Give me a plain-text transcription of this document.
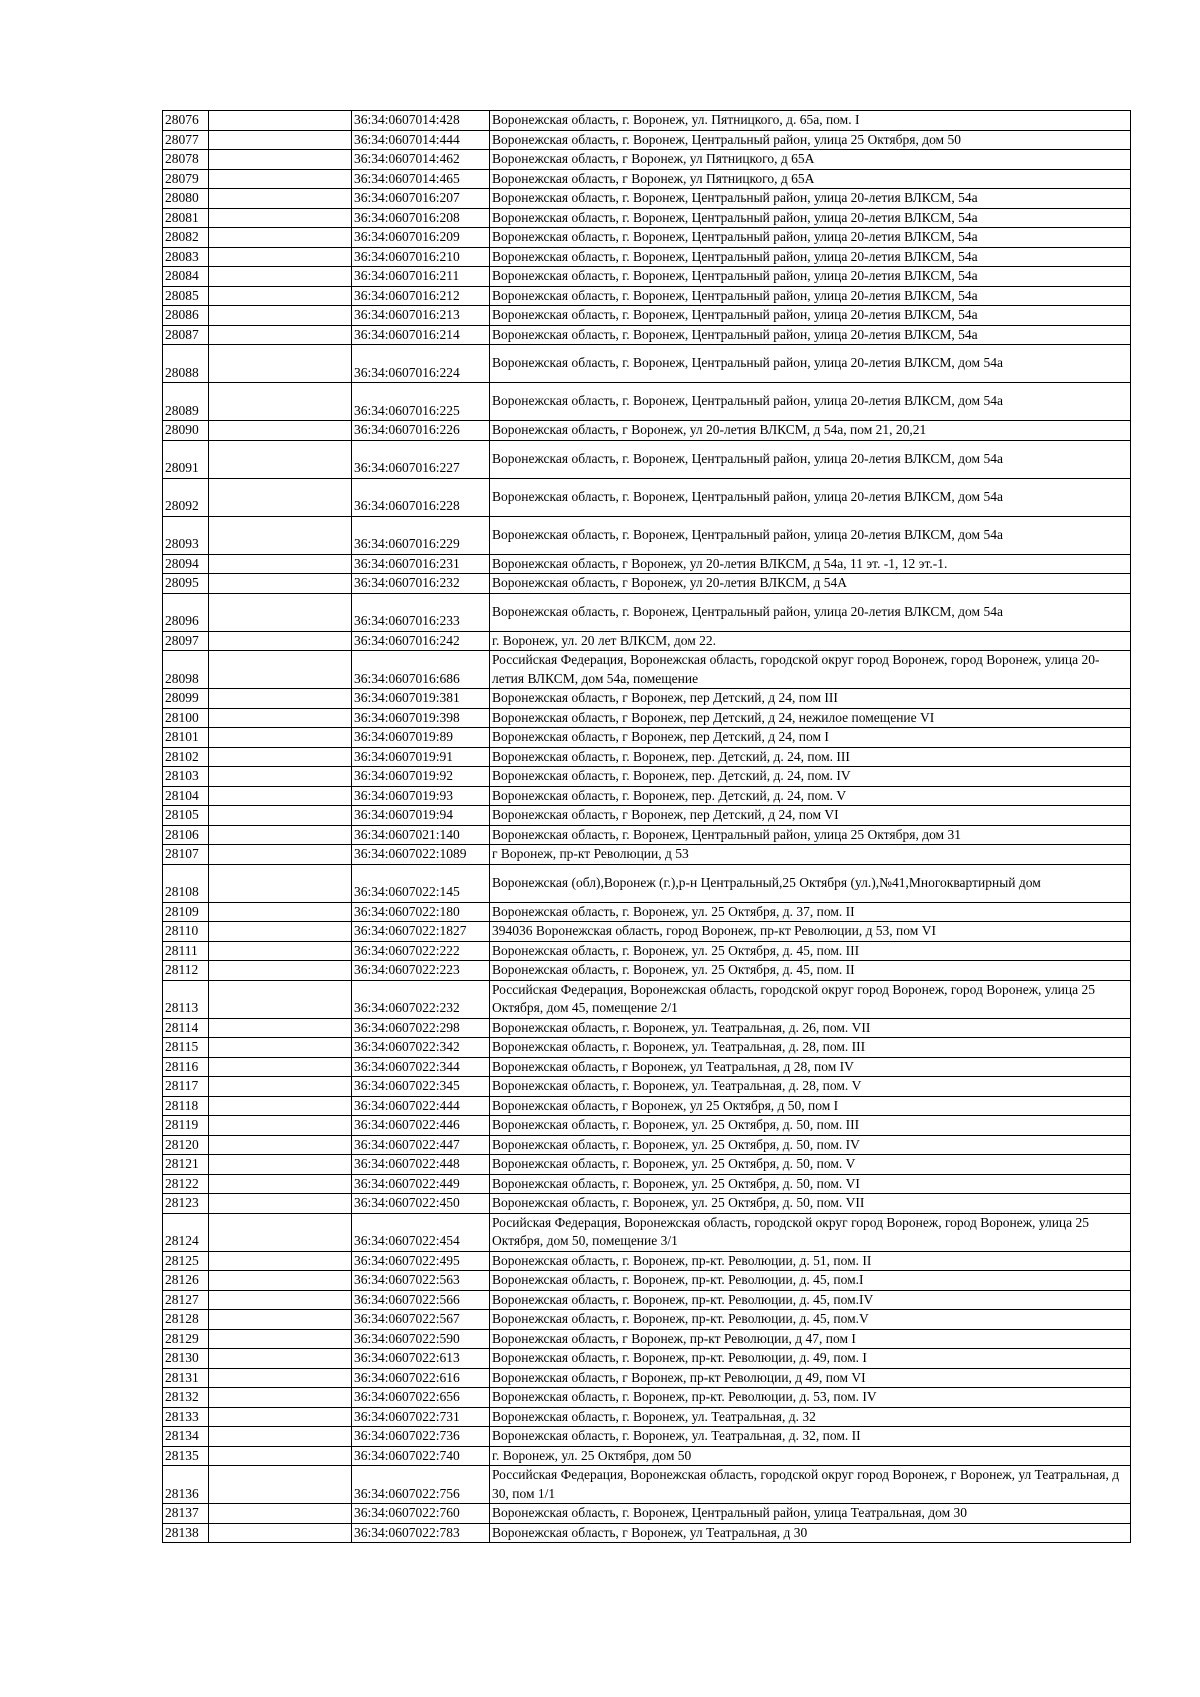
28076		36:34:0607014:428	Воронежская область, г. Воронеж, ул. Пятницкого, д. 65а, пом. I
28077		36:34:0607014:444	Воронежская область, г. Воронеж, Центральный район, улица 25 Октября, дом 50
28078		36:34:0607014:462	Воронежская область, г Воронеж, ул Пятницкого, д 65А
28079		36:34:0607014:465	Воронежская область, г Воронеж, ул Пятницкого, д 65А
28080		36:34:0607016:207	Воронежская область, г. Воронеж, Центральный район, улица 20-летия ВЛКСМ, 54а
28081		36:34:0607016:208	Воронежская область, г. Воронеж, Центральный район, улица 20-летия ВЛКСМ, 54а
28082		36:34:0607016:209	Воронежская область, г. Воронеж, Центральный район, улица 20-летия ВЛКСМ, 54а
28083		36:34:0607016:210	Воронежская область, г. Воронеж, Центральный район, улица 20-летия ВЛКСМ, 54а
28084		36:34:0607016:211	Воронежская область, г. Воронеж, Центральный район, улица 20-летия ВЛКСМ, 54а
28085		36:34:0607016:212	Воронежская область, г. Воронеж, Центральный район, улица 20-летия ВЛКСМ, 54а
28086		36:34:0607016:213	Воронежская область, г. Воронеж, Центральный район, улица 20-летия ВЛКСМ, 54а
28087		36:34:0607016:214	Воронежская область, г. Воронеж, Центральный район, улица 20-летия ВЛКСМ, 54а
28088		36:34:0607016:224	Воронежская область, г. Воронеж, Центральный район, улица 20-летия ВЛКСМ, дом 54а
28089		36:34:0607016:225	Воронежская область, г. Воронеж, Центральный район, улица 20-летия ВЛКСМ, дом 54а
28090		36:34:0607016:226	Воронежская область, г Воронеж, ул 20-летия ВЛКСМ, д 54а, пом 21, 20,21
28091		36:34:0607016:227	Воронежская область, г. Воронеж, Центральный район, улица 20-летия ВЛКСМ, дом 54а
28092		36:34:0607016:228	Воронежская область, г. Воронеж, Центральный район, улица 20-летия ВЛКСМ, дом 54а
28093		36:34:0607016:229	Воронежская область, г. Воронеж, Центральный район, улица 20-летия ВЛКСМ, дом 54а
28094		36:34:0607016:231	Воронежская область, г Воронеж, ул 20-летия ВЛКСМ, д 54а, 11 эт. -1, 12 эт.-1.
28095		36:34:0607016:232	Воронежская область, г Воронеж, ул 20-летия ВЛКСМ, д 54А
28096		36:34:0607016:233	Воронежская область, г. Воронеж, Центральный район, улица 20-летия ВЛКСМ, дом 54а
28097		36:34:0607016:242	г. Воронеж, ул. 20 лет ВЛКСМ, дом 22.
28098		36:34:0607016:686	Российская Федерация, Воронежская область, городской округ город Воронеж, город Воронеж, улица 20-летия ВЛКСМ, дом 54а, помещение
28099		36:34:0607019:381	Воронежская область, г Воронеж, пер Детский, д 24, пом III
28100		36:34:0607019:398	Воронежская область, г Воронеж, пер Детский, д 24, нежилое помещение VI
28101		36:34:0607019:89	Воронежская область, г Воронеж, пер Детский, д 24, пом I
28102		36:34:0607019:91	Воронежская область, г. Воронеж, пер. Детский, д. 24, пом. III
28103		36:34:0607019:92	Воронежская область, г. Воронеж, пер. Детский, д. 24, пом. IV
28104		36:34:0607019:93	Воронежская область, г. Воронеж, пер. Детский, д. 24, пом. V
28105		36:34:0607019:94	Воронежская область, г Воронеж, пер Детский, д 24, пом VI
28106		36:34:0607021:140	Воронежская область, г. Воронеж, Центральный район, улица 25 Октября, дом 31
28107		36:34:0607022:1089	г Воронеж, пр-кт Революции, д 53
28108		36:34:0607022:145	Воронежская (обл),Воронеж (г.),р-н Центральный,25 Октября (ул.),№41,Многоквартирный дом
28109		36:34:0607022:180	Воронежская область, г. Воронеж, ул. 25 Октября, д. 37, пом. II
28110		36:34:0607022:1827	394036 Воронежская область, город Воронеж, пр-кт Революции, д 53, пом VI
28111		36:34:0607022:222	Воронежская область, г. Воронеж, ул. 25 Октября, д. 45, пом. III
28112		36:34:0607022:223	Воронежская область, г. Воронеж, ул. 25 Октября, д. 45, пом. II
28113		36:34:0607022:232	Российская Федерация, Воронежская область, городской округ город Воронеж, город Воронеж, улица 25 Октября, дом 45, помещение 2/1
28114		36:34:0607022:298	Воронежская область, г. Воронеж, ул. Театральная, д. 26, пом. VII
28115		36:34:0607022:342	Воронежская область, г. Воронеж, ул. Театральная, д. 28, пом. III
28116		36:34:0607022:344	Воронежская область, г Воронеж, ул Театральная, д 28, пом IV
28117		36:34:0607022:345	Воронежская область, г. Воронеж, ул. Театральная, д. 28, пом. V
28118		36:34:0607022:444	Воронежская область, г Воронеж, ул 25 Октября, д 50, пом I
28119		36:34:0607022:446	Воронежская область, г. Воронеж, ул. 25 Октября, д. 50, пом. III
28120		36:34:0607022:447	Воронежская область, г. Воронеж, ул. 25 Октября, д. 50, пом. IV
28121		36:34:0607022:448	Воронежская область, г. Воронеж, ул. 25 Октября, д. 50, пом. V
28122		36:34:0607022:449	Воронежская область, г. Воронеж, ул. 25 Октября, д. 50, пом. VI
28123		36:34:0607022:450	Воронежская область, г. Воронеж, ул. 25 Октября, д. 50, пом. VII
28124		36:34:0607022:454	Росийская Федерация, Воронежская область, городской округ город Воронеж, город Воронеж, улица 25 Октября, дом 50, помещение 3/1
28125		36:34:0607022:495	Воронежская область, г. Воронеж, пр-кт. Революции, д. 51, пом. II
28126		36:34:0607022:563	Воронежская область, г. Воронеж, пр-кт. Революции, д. 45, пом.I
28127		36:34:0607022:566	Воронежская область, г. Воронеж, пр-кт. Революции, д. 45, пом.IV
28128		36:34:0607022:567	Воронежская область, г. Воронеж, пр-кт. Революции, д. 45, пом.V
28129		36:34:0607022:590	Воронежская область, г Воронеж, пр-кт Революции, д 47, пом I
28130		36:34:0607022:613	Воронежская область, г. Воронеж, пр-кт. Революции, д. 49, пом. I
28131		36:34:0607022:616	Воронежская область, г Воронеж, пр-кт Революции, д 49, пом VI
28132		36:34:0607022:656	Воронежская область, г. Воронеж, пр-кт. Революции, д. 53, пом. IV
28133		36:34:0607022:731	Воронежская область, г. Воронеж, ул. Театральная, д. 32
28134		36:34:0607022:736	Воронежская область, г. Воронеж, ул. Театральная, д. 32, пом. II
28135		36:34:0607022:740	г. Воронеж, ул. 25 Октября, дом 50
28136		36:34:0607022:756	Российская Федерация, Воронежская область, городской округ город Воронеж, г Воронеж, ул Театральная, д 30, пом 1/1
28137		36:34:0607022:760	Воронежская область, г. Воронеж, Центральный район, улица Театральная, дом 30
28138		36:34:0607022:783	Воронежская область, г Воронеж, ул Театральная, д 30
